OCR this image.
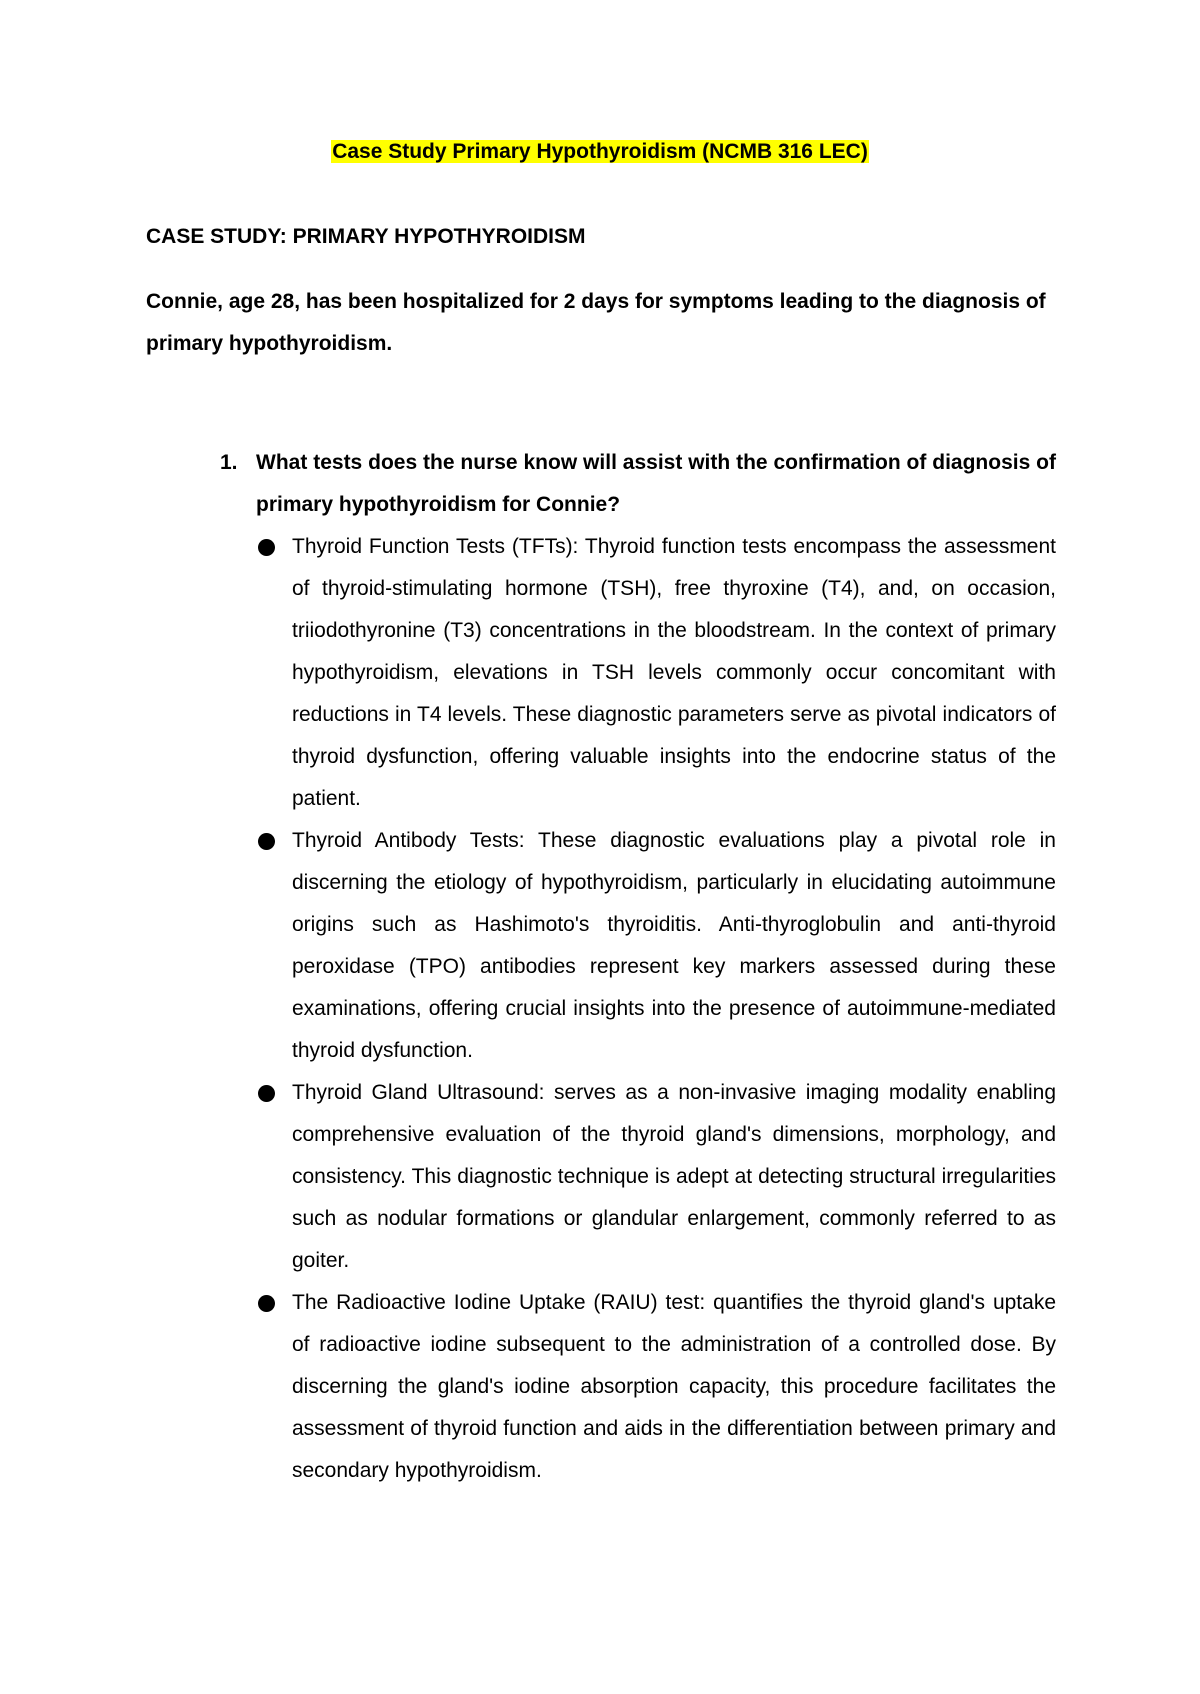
Case Study Primary Hypothyroidism (NCMB 316 LEC)
CASE STUDY: PRIMARY HYPOTHYROIDISM
Connie, age 28, has been hospitalized for 2 days for symptoms leading to the diagnosis of primary hypothyroidism.
1. What tests does the nurse know will assist with the confirmation of diagnosis of primary hypothyroidism for Connie?
Thyroid Function Tests (TFTs): Thyroid function tests encompass the assessment of thyroid-stimulating hormone (TSH), free thyroxine (T4), and, on occasion, triiodothyronine (T3) concentrations in the bloodstream. In the context of primary hypothyroidism, elevations in TSH levels commonly occur concomitant with reductions in T4 levels. These diagnostic parameters serve as pivotal indicators of thyroid dysfunction, offering valuable insights into the endocrine status of the patient.
Thyroid Antibody Tests: These diagnostic evaluations play a pivotal role in discerning the etiology of hypothyroidism, particularly in elucidating autoimmune origins such as Hashimoto's thyroiditis. Anti-thyroglobulin and anti-thyroid peroxidase (TPO) antibodies represent key markers assessed during these examinations, offering crucial insights into the presence of autoimmune-mediated thyroid dysfunction.
Thyroid Gland Ultrasound: serves as a non-invasive imaging modality enabling comprehensive evaluation of the thyroid gland's dimensions, morphology, and consistency. This diagnostic technique is adept at detecting structural irregularities such as nodular formations or glandular enlargement, commonly referred to as goiter.
The Radioactive Iodine Uptake (RAIU) test: quantifies the thyroid gland's uptake of radioactive iodine subsequent to the administration of a controlled dose. By discerning the gland's iodine absorption capacity, this procedure facilitates the assessment of thyroid function and aids in the differentiation between primary and secondary hypothyroidism.
